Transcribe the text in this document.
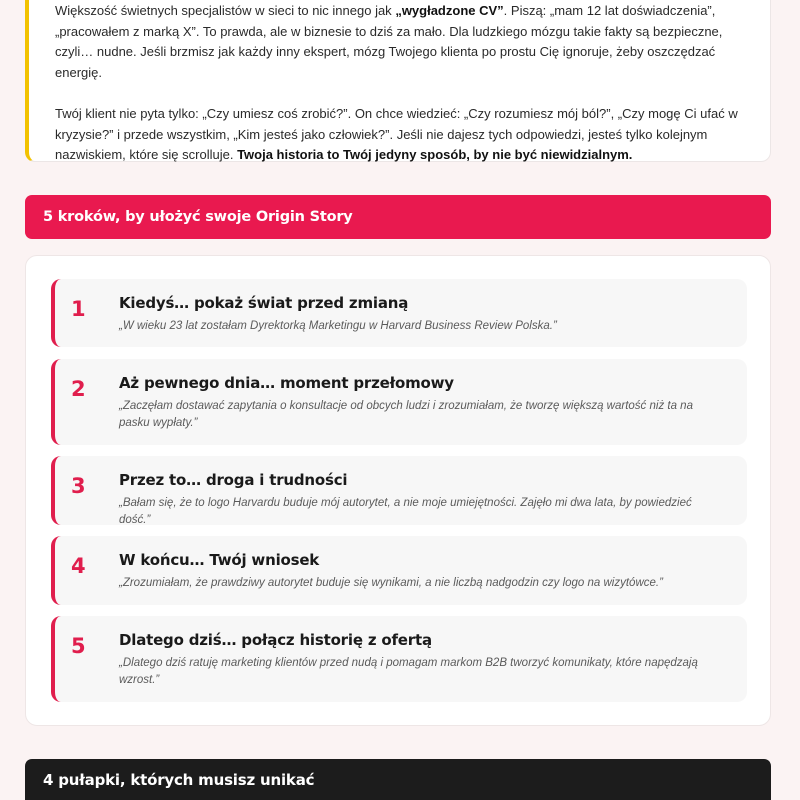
Większość świetnych specjalistów w sieci to nic innego jak „wygładzone CV”. Piszą: „mam 12 lat doświadczenia”, „pracowałem z marką X”. To prawda, ale w biznesie to dziś za mało. Dla ludzkiego mózgu takie fakty są bezpieczne, czyli… nudne. Jeśli brzmisz jak każdy inny ekspert, mózg Twojego klienta po prostu Cię ignoruje, żeby oszczędzać energię.

Twój klient nie pyta tylko: „Czy umiesz coś zrobić?”. On chce wiedzieć: „Czy rozumiesz mój ból?”, „Czy mogę Ci ufać w kryzysie?” i przede wszystkim, „Kim jesteś jako człowiek?”. Jeśli nie dajesz tych odpowiedzi, jesteś tylko kolejnym nazwiskiem, które się scrolluje. Twoja historia to Twój jedyny sposób, by nie być niewidzialnym.

5 kroków, by ułożyć swoje Origin Story
1 Kiedyś… pokaż świat przed zmianą
„W wieku 23 lat zostałam Dyrektorką Marketingu w Harvard Business Review Polska.”
2 Aż pewnego dnia… moment przełomowy
„Zaczęłam dostawać zapytania o konsultacje od obcych ludzi i zrozumiałam, że tworzę większą wartość niż ta na pasku wypłaty.”
3 Przez to… droga i trudności
„Bałam się, że to logo Harvardu buduje mój autorytet, a nie moje umiejętności. Zajęło mi dwa lata, by powiedzieć dość.”
4 W końcu… Twój wniosek
„Zrozumiałam, że prawdziwy autorytet buduje się wynikami, a nie liczbą nadgodzin czy logo na wizytówce.”
5 Dlatego dziś… połącz historię z ofertą
„Dlatego dziś ratuję marketing klientów przed nudą i pomagam markom B2B tworzyć komunikaty, które napędzają wzrost.”
4 pułapki, których musisz unikać
